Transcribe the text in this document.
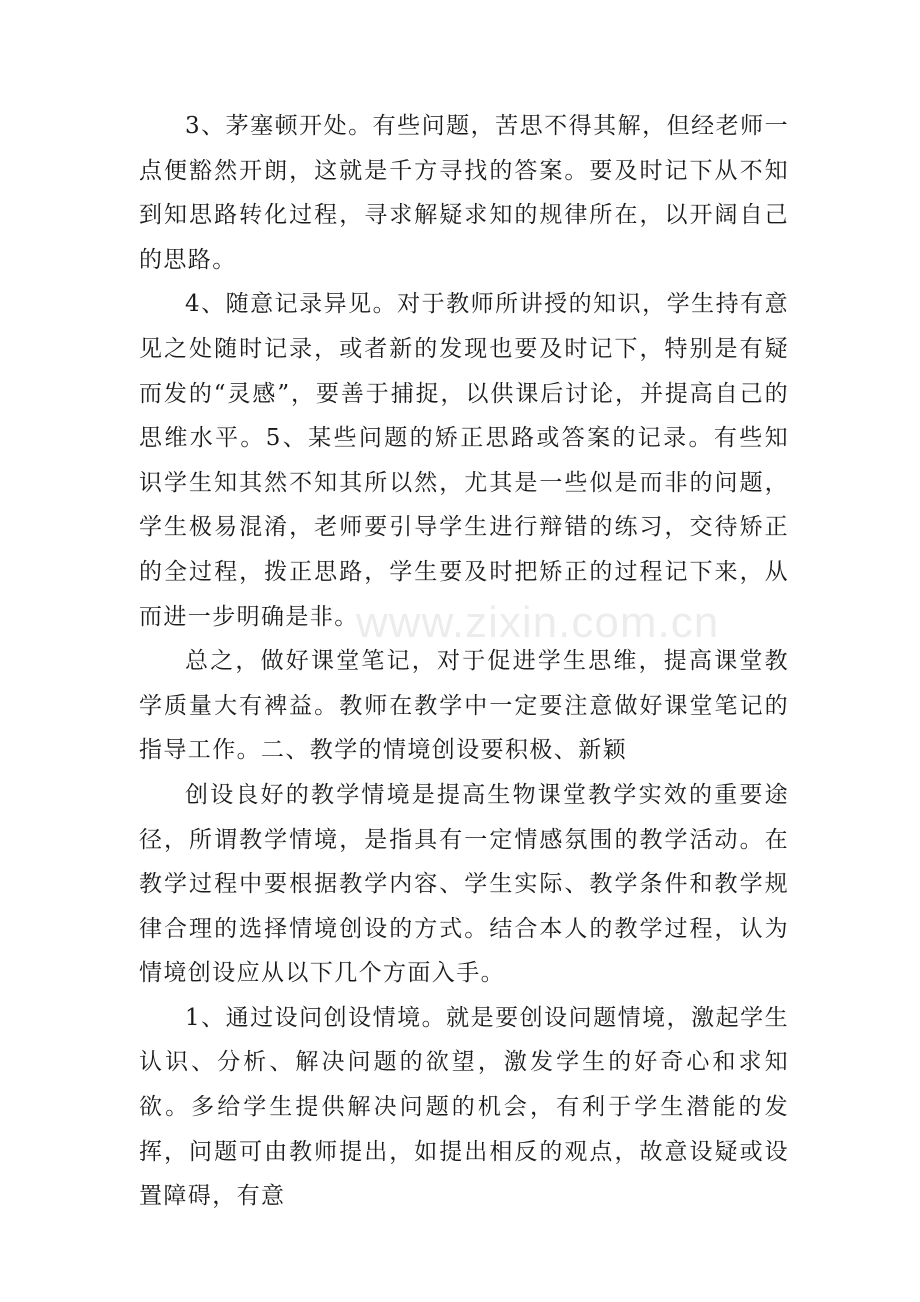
3、茅塞顿开处。有些问题，苦思不得其解，但经老师一点便豁然开朗，这就是千方寻找的答案。要及时记下从不知到知思路转化过程，寻求解疑求知的规律所在，以开阔自己的思路。

4、随意记录异见。对于教师所讲授的知识，学生持有意见之处随时记录，或者新的发现也要及时记下，特别是有疑而发的“灵感”，要善于捕捉，以供课后讨论，并提高自己的思维水平。5、某些问题的矫正思路或答案的记录。有些知识学生知其然不知其所以然，尤其是一些似是而非的问题，学生极易混淆，老师要引导学生进行辩错的练习，交待矫正的全过程，拨正思路，学生要及时把矫正的过程记下来，从而进一步明确是非。

总之，做好课堂笔记，对于促进学生思维，提高课堂教学质量大有裨益。教师在教学中一定要注意做好课堂笔记的指导工作。二、教学的情境创设要积极、新颖

创设良好的教学情境是提高生物课堂教学实效的重要途径，所谓教学情境，是指具有一定情感氛围的教学活动。在教学过程中要根据教学内容、学生实际、教学条件和教学规律合理的选择情境创设的方式。结合本人的教学过程，认为情境创设应从以下几个方面入手。

1、通过设问创设情境。就是要创设问题情境，激起学生认识、分析、解决问题的欲望，激发学生的好奇心和求知欲。多给学生提供解决问题的机会，有利于学生潜能的发挥，问题可由教师提出，如提出相反的观点，故意设疑或设置障碍，有意

www.zixin.com.cn
